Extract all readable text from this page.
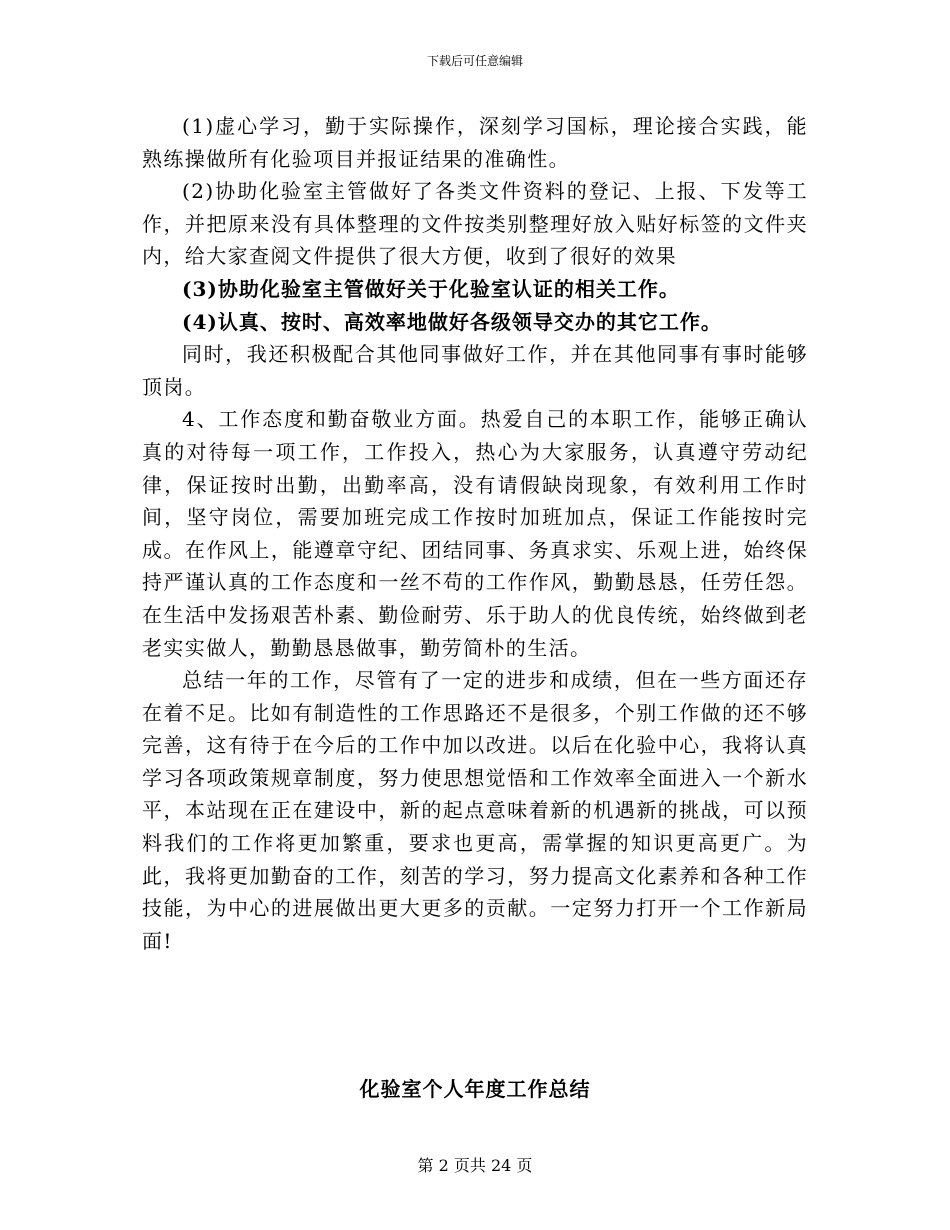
下载后可任意编辑

(1)虚心学习，勤于实际操作，深刻学习国标，理论接合实践，能熟练操做所有化验项目并报证结果的准确性。

(2)协助化验室主管做好了各类文件资料的登记、上报、下发等工作，并把原来没有具体整理的文件按类别整理好放入贴好标签的文件夹内，给大家查阅文件提供了很大方便，收到了很好的效果

(3)协助化验室主管做好关于化验室认证的相关工作。

(4)认真、按时、高效率地做好各级领导交办的其它工作。

同时，我还积极配合其他同事做好工作，并在其他同事有事时能够顶岗。

4、工作态度和勤奋敬业方面。热爱自己的本职工作，能够正确认真的对待每一项工作，工作投入，热心为大家服务，认真遵守劳动纪律，保证按时出勤，出勤率高，没有请假缺岗现象，有效利用工作时间，坚守岗位，需要加班完成工作按时加班加点，保证工作能按时完成。在作风上，能遵章守纪、团结同事、务真求实、乐观上进，始终保持严谨认真的工作态度和一丝不苟的工作作风，勤勤恳恳，任劳任怨。在生活中发扬艰苦朴素、勤俭耐劳、乐于助人的优良传统，始终做到老老实实做人，勤勤恳恳做事，勤劳简朴的生活。

总结一年的工作，尽管有了一定的进步和成绩，但在一些方面还存在着不足。比如有制造性的工作思路还不是很多，个别工作做的还不够完善，这有待于在今后的工作中加以改进。以后在化验中心，我将认真学习各项政策规章制度，努力使思想觉悟和工作效率全面进入一个新水平，本站现在正在建设中，新的起点意味着新的机遇新的挑战，可以预料我们的工作将更加繁重，要求也更高，需掌握的知识更高更广。为此，我将更加勤奋的工作，刻苦的学习，努力提高文化素养和各种工作技能，为中心的进展做出更大更多的贡献。一定努力打开一个工作新局面!

化验室个人年度工作总结
第 2 页共 24 页
